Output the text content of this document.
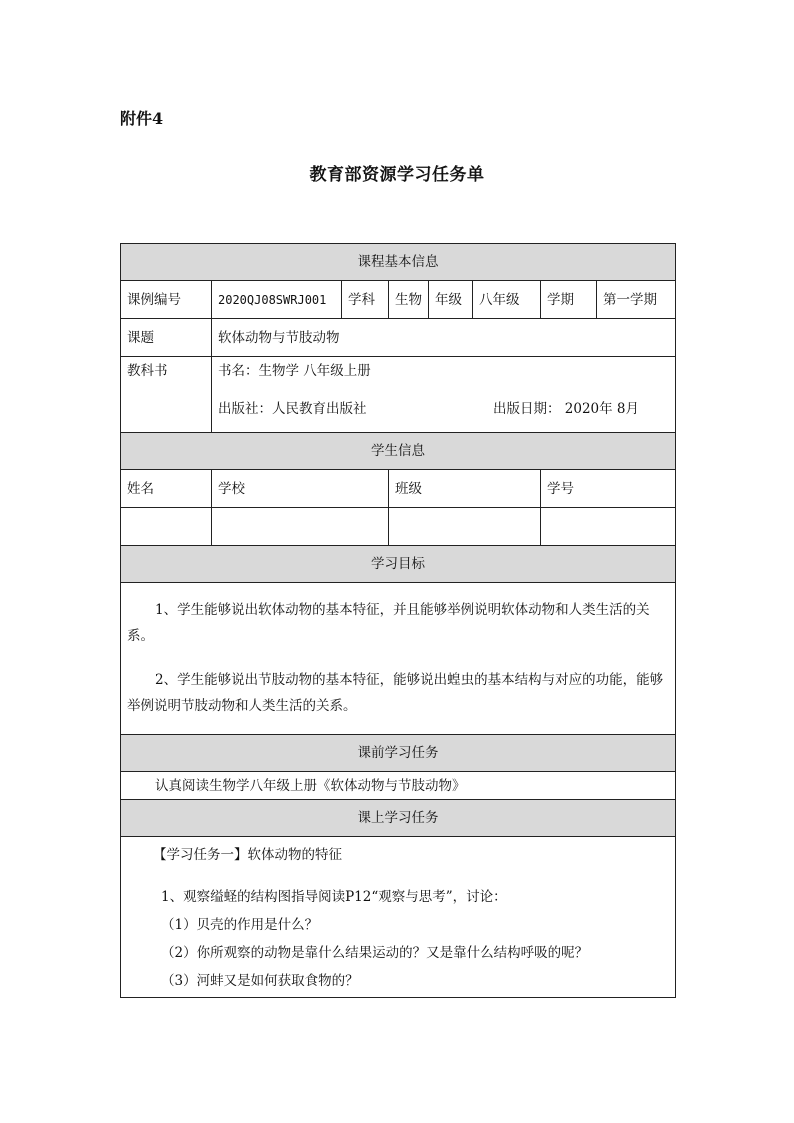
附件4
教育部资源学习任务单
课程基本信息							
课例编号	2020QJ08SWRJ001	学科	生物	年级	八年级	学期	第一学期
课题	软体动物与节肢动物						
教科书	书名：生物学 八年级上册
出版社：人民教育出版社 出版日期： 2020年 8月						

学生信息							
姓名	学校		班级			学号	

学习目标							

1、学生能够说出软体动物的基本特征，并且能够举例说明软体动物和人类生活的关系。

2、学生能够说出节肢动物的基本特征，能够说出蝗虫的基本结构与对应的功能，能够举例说明节肢动物和人类生活的关系。							

课前学习任务							
认真阅读生物学八年级上册《软体动物与节肢动物》							
课上学习任务							

【学习任务一】软体动物的特征

1、观察缢蛏的结构图指导阅读P12“观察与思考”，讨论：

（1）贝壳的作用是什么？

（2）你所观察的动物是靠什么结果运动的？又是靠什么结构呼吸的呢？

（3）河蚌又是如何获取食物的？							
